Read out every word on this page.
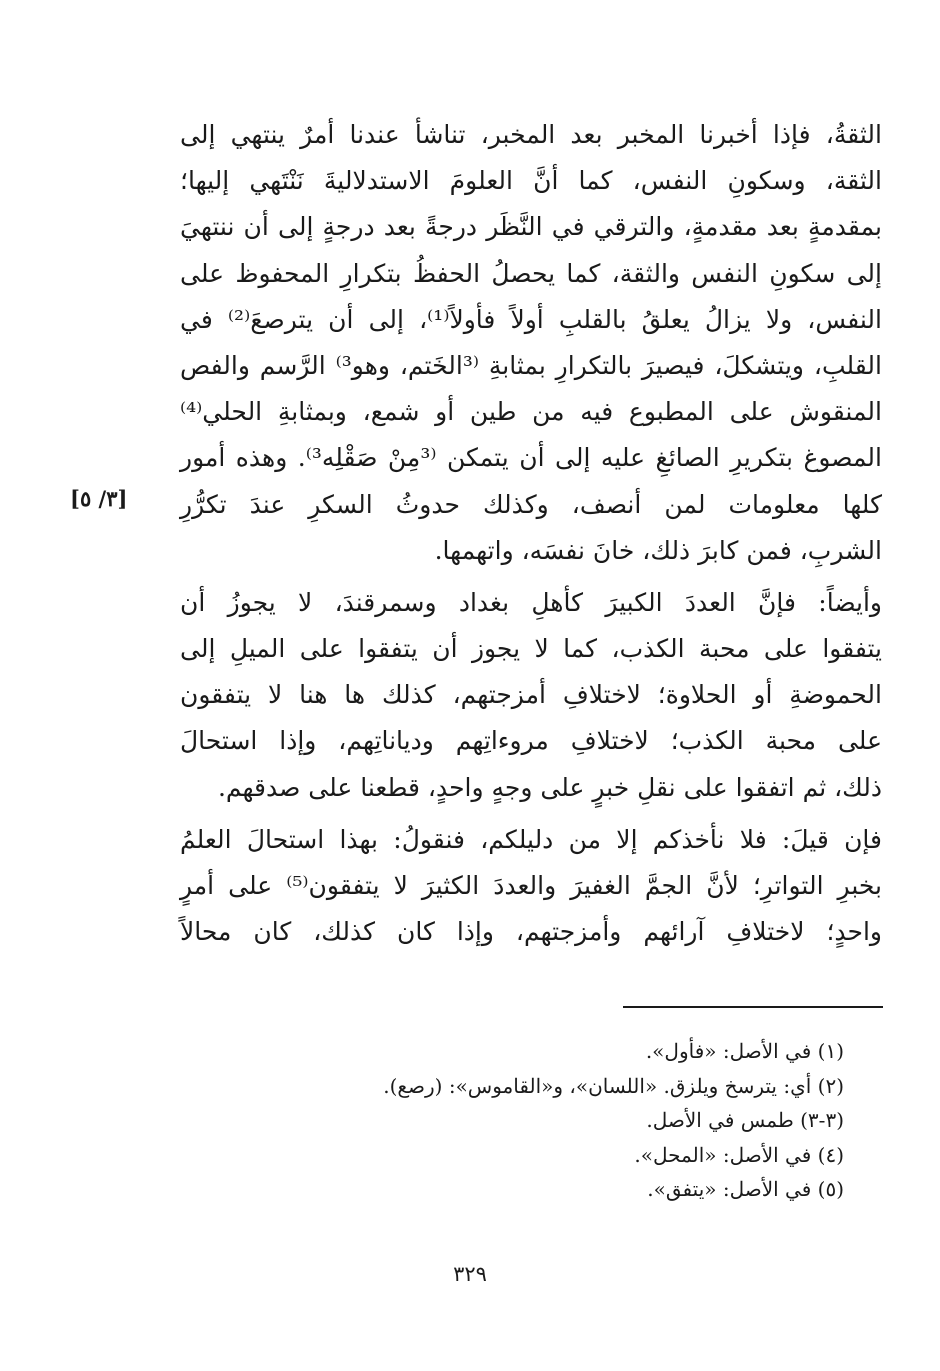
الثقةُ، فإذا أخبرنا المخبر بعد المخبر، تناشأ عندنا أمرٌ ينتهي إلى
الثقة، وسكونِ النفس، كما أنَّ العلومَ الاستدلاليةَ نَنْتَهي إليها؛
بمقدمةٍ بعد مقدمةٍ، والترقي في النَّظَر درجةً بعد درجةٍ إلى أن ننتهيَ
إلى سكونِ النفس والثقة، كما يحصلُ الحفظُ بتكرارِ المحفوظ على
النفس، ولا يزالُ يعلقُ بالقلبِ أولاً فأولاً⁽¹⁾، إلى أن يترصعَ⁽²⁾ في
القلبِ، ويتشكلَ، فيصيرَ بالتكرارِ بمثابةِ ⁽³الخَتم، وهو³⁾ الرَّسم والفص
المنقوش على المطبوع فيه من طين أو شمع، وبمثابةِ الحلي⁽⁴⁾
المصوغ بتكريرِ الصائغِ عليه إلى أن يتمكن ⁽³مِنْ صَقْلِه³⁾. وهذه أمور
كلها معلومات لمن أنصف، وكذلك حدوثُ السكرِ عندَ تكرُّرِ
الشربِ، فمن كابرَ ذلك، خانَ نفسَه، واتهمها.
وأيضاً: فإنَّ العددَ الكبيرَ كأهلِ بغداد وسمرقندَ، لا يجوزُ أن
يتفقوا على محبة الكذب، كما لا يجوز أن يتفقوا على الميلِ إلى
الحموضةِ أو الحلاوة؛ لاختلافِ أمزجتهم، كذلك ها هنا لا يتفقون
على محبة الكذب؛ لاختلافِ مروءاتِهم ودياناتِهم، وإذا استحالَ
ذلك، ثم اتفقوا على نقلِ خبرٍ على وجهٍ واحدٍ، قطعنا على صدقهم.
فإن قيلَ: فلا نأخذكم إلا من دليلكم، فنقولُ: بهذا استحالَ العلمُ
بخبرِ التواترِ؛ لأنَّ الجمَّ الغفيرَ والعددَ الكثيرَ لا يتفقون⁽⁵⁾ على أمرٍ
واحدٍ؛ لاختلافِ آرائهم وأمزجتهم، وإذا كان كذلك، كان محالاً
[٣/ ٥]
(١) في الأصل: «فأول».
(٢) أي: يترسخ ويلزق. «اللسان»، و«القاموس»: (رصع).
(٣-٣) طمس في الأصل.
(٤) في الأصل: «المحل».
(٥) في الأصل: «يتفق».
٣٢٩
